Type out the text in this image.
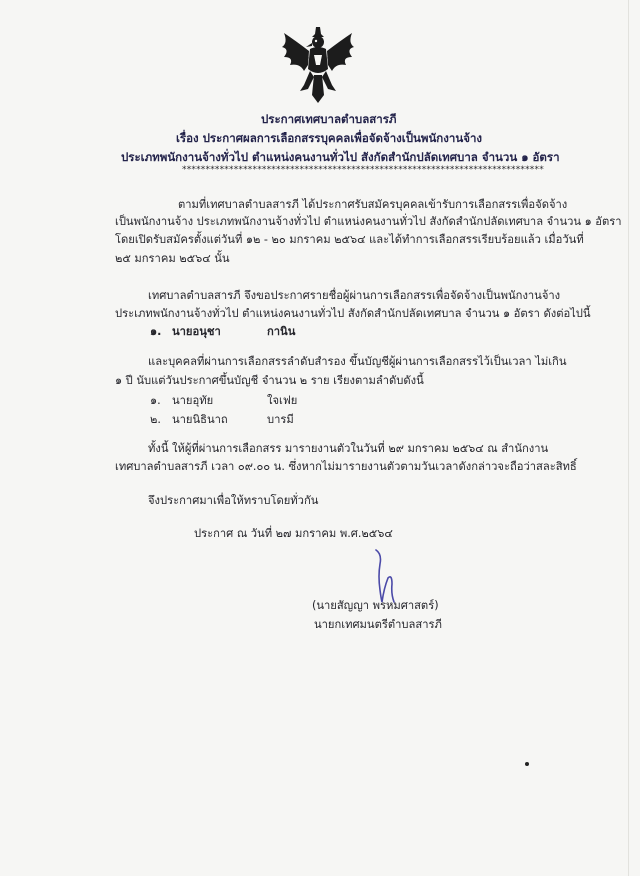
ประกาศเทศบาลตำบลสารภี
เรื่อง ประกาศผลการเลือกสรรบุคคลเพื่อจัดจ้างเป็นพนักงานจ้าง
ประเภทพนักงานจ้างทั่วไป ตำแหน่งคนงานทั่วไป สังกัดสำนักปลัดเทศบาล จำนวน ๑ อัตรา
*****************************************************************************
ตามที่เทศบาลตำบลสารภี ได้ประกาศรับสมัครบุคคลเข้ารับการเลือกสรรเพื่อจัดจ้าง
เป็นพนักงานจ้าง ประเภทพนักงานจ้างทั่วไป ตำแหน่งคนงานทั่วไป สังกัดสำนักปลัดเทศบาล จำนวน ๑ อัตรา
โดยเปิดรับสมัครตั้งแต่วันที่ ๑๒ - ๒๐ มกราคม ๒๕๖๔ และได้ทำการเลือกสรรเรียบร้อยแล้ว เมื่อวันที่
๒๕ มกราคม ๒๕๖๔ นั้น
เทศบาลตำบลสารภี จึงขอประกาศรายชื่อผู้ผ่านการเลือกสรรเพื่อจัดจ้างเป็นพนักงานจ้าง
ประเภทพนักงานจ้างทั่วไป ตำแหน่งคนงานทั่วไป สังกัดสำนักปลัดเทศบาล จำนวน ๑ อัตรา ดังต่อไปนี้
๑. นายอนุชา	กานิน
และบุคคลที่ผ่านการเลือกสรรลำดับสำรอง ขึ้นบัญชีผู้ผ่านการเลือกสรรไว้เป็นเวลา ไม่เกิน
๑ ปี นับแต่วันประกาศขึ้นบัญชี จำนวน ๒ ราย เรียงตามลำดับดังนี้
๑. นายอุทัย	ใจเฟย
๒. นายนิธินาถ	บารมี
ทั้งนี้ ให้ผู้ที่ผ่านการเลือกสรร มารายงานตัวในวันที่ ๒๙ มกราคม ๒๕๖๔ ณ สำนักงาน
เทศบาลตำบลสารภี เวลา ๐๙.๐๐ น. ซึ่งหากไม่มารายงานตัวตามวันเวลาดังกล่าวจะถือว่าสละสิทธิ์
จึงประกาศมาเพื่อให้ทราบโดยทั่วกัน
ประกาศ ณ วันที่ ๒๗ มกราคม พ.ศ.๒๕๖๔
(นายสัญญา พรหมศาสตร์)
นายกเทศมนตรีตำบลสารภี
